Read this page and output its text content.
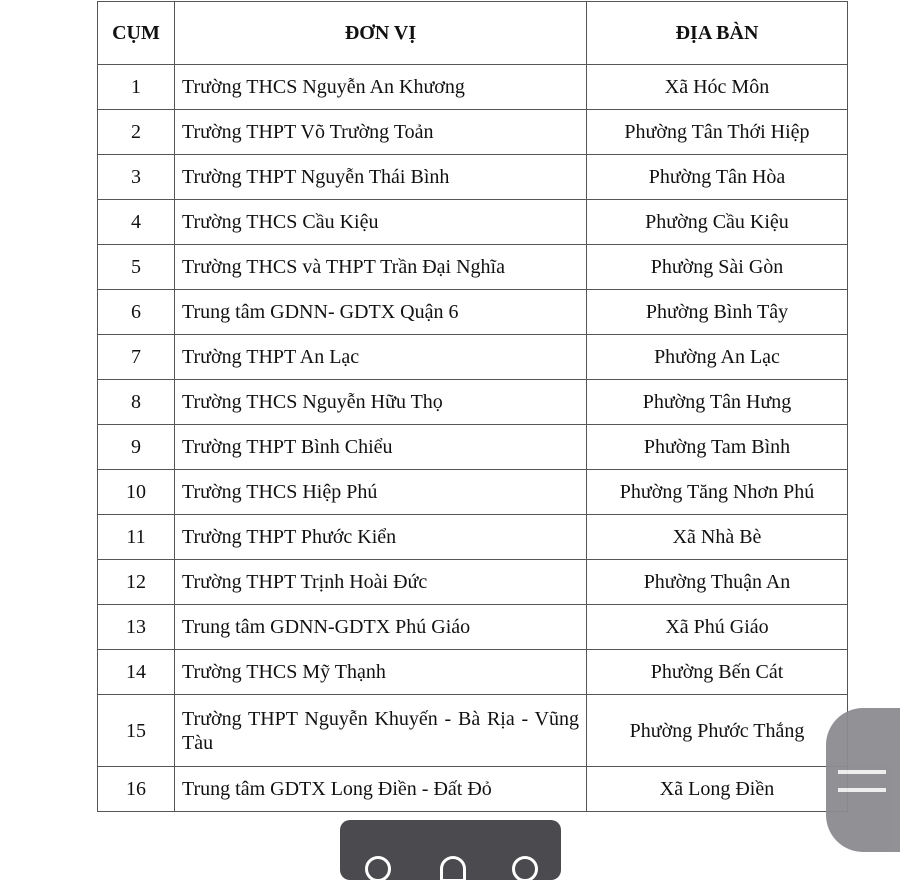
CỤM	ĐƠN VỊ	ĐỊA BÀN
1	Trường THCS Nguyễn An Khương	Xã Hóc Môn
2	Trường THPT Võ Trường Toản	Phường Tân Thới Hiệp
3	Trường THPT Nguyễn Thái Bình	Phường Tân Hòa
4	Trường THCS Cầu Kiệu	Phường Cầu Kiệu
5	Trường THCS và THPT Trần Đại Nghĩa	Phường Sài Gòn
6	Trung tâm GDNN- GDTX Quận 6	Phường Bình Tây
7	Trường THPT An Lạc	Phường An Lạc
8	Trường THCS Nguyễn Hữu Thọ	Phường Tân Hưng
9	Trường THPT Bình Chiểu	Phường Tam Bình
10	Trường THCS Hiệp Phú	Phường Tăng Nhơn Phú
11	Trường THPT Phước Kiển	Xã Nhà Bè
12	Trường THPT Trịnh Hoài Đức	Phường Thuận An
13	Trung tâm GDNN-GDTX Phú Giáo	Xã Phú Giáo
14	Trường THCS Mỹ Thạnh	Phường Bến Cát
15	Trường THPT Nguyễn Khuyến - Bà Rịa - Vũng Tàu	Phường Phước Thắng
16	Trung tâm GDTX Long Điền - Đất Đỏ	Xã Long Điền
